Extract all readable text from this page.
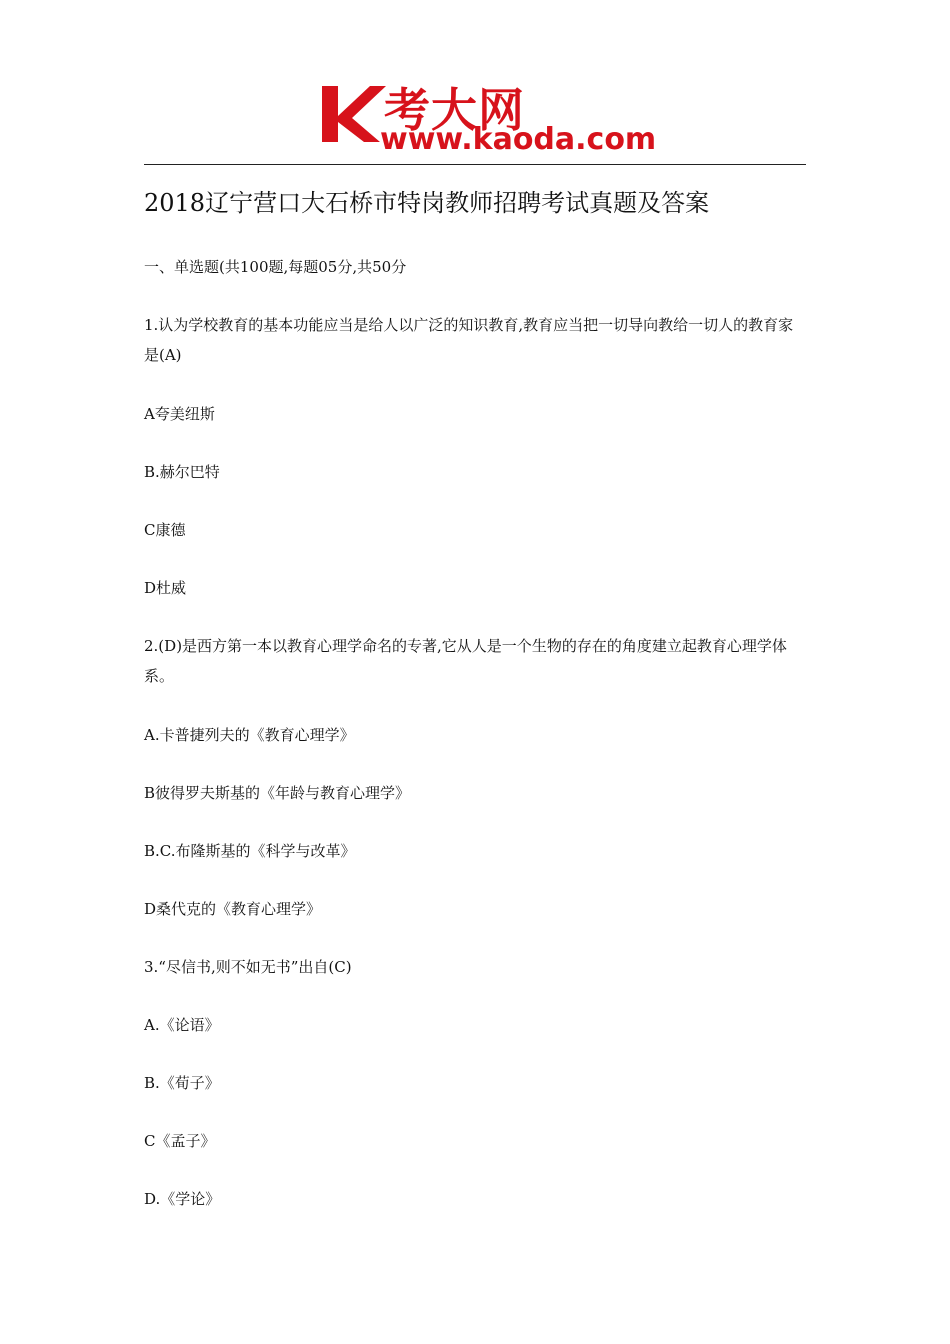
考大网
www.kaoda.com
2018辽宁营口大石桥市特岗教师招聘考试真题及答案
一、单选题(共100题,每题05分,共50分
1.认为学校教育的基本功能应当是给人以广泛的知识教育,教育应当把一切导向教给一切人的教育家是(A)
A夸美纽斯
B.赫尔巴特
C康德
D杜威
2.(D)是西方第一本以教育心理学命名的专著,它从人是一个生物的存在的角度建立起教育心理学体系。
A.卡普捷列夫的《教育心理学》
B彼得罗夫斯基的《年龄与教育心理学》
B.C.布隆斯基的《科学与改革》
D桑代克的《教育心理学》
3.“尽信书,则不如无书”出自(C)
A.《论语》
B.《荀子》
C《孟子》
D.《学论》
